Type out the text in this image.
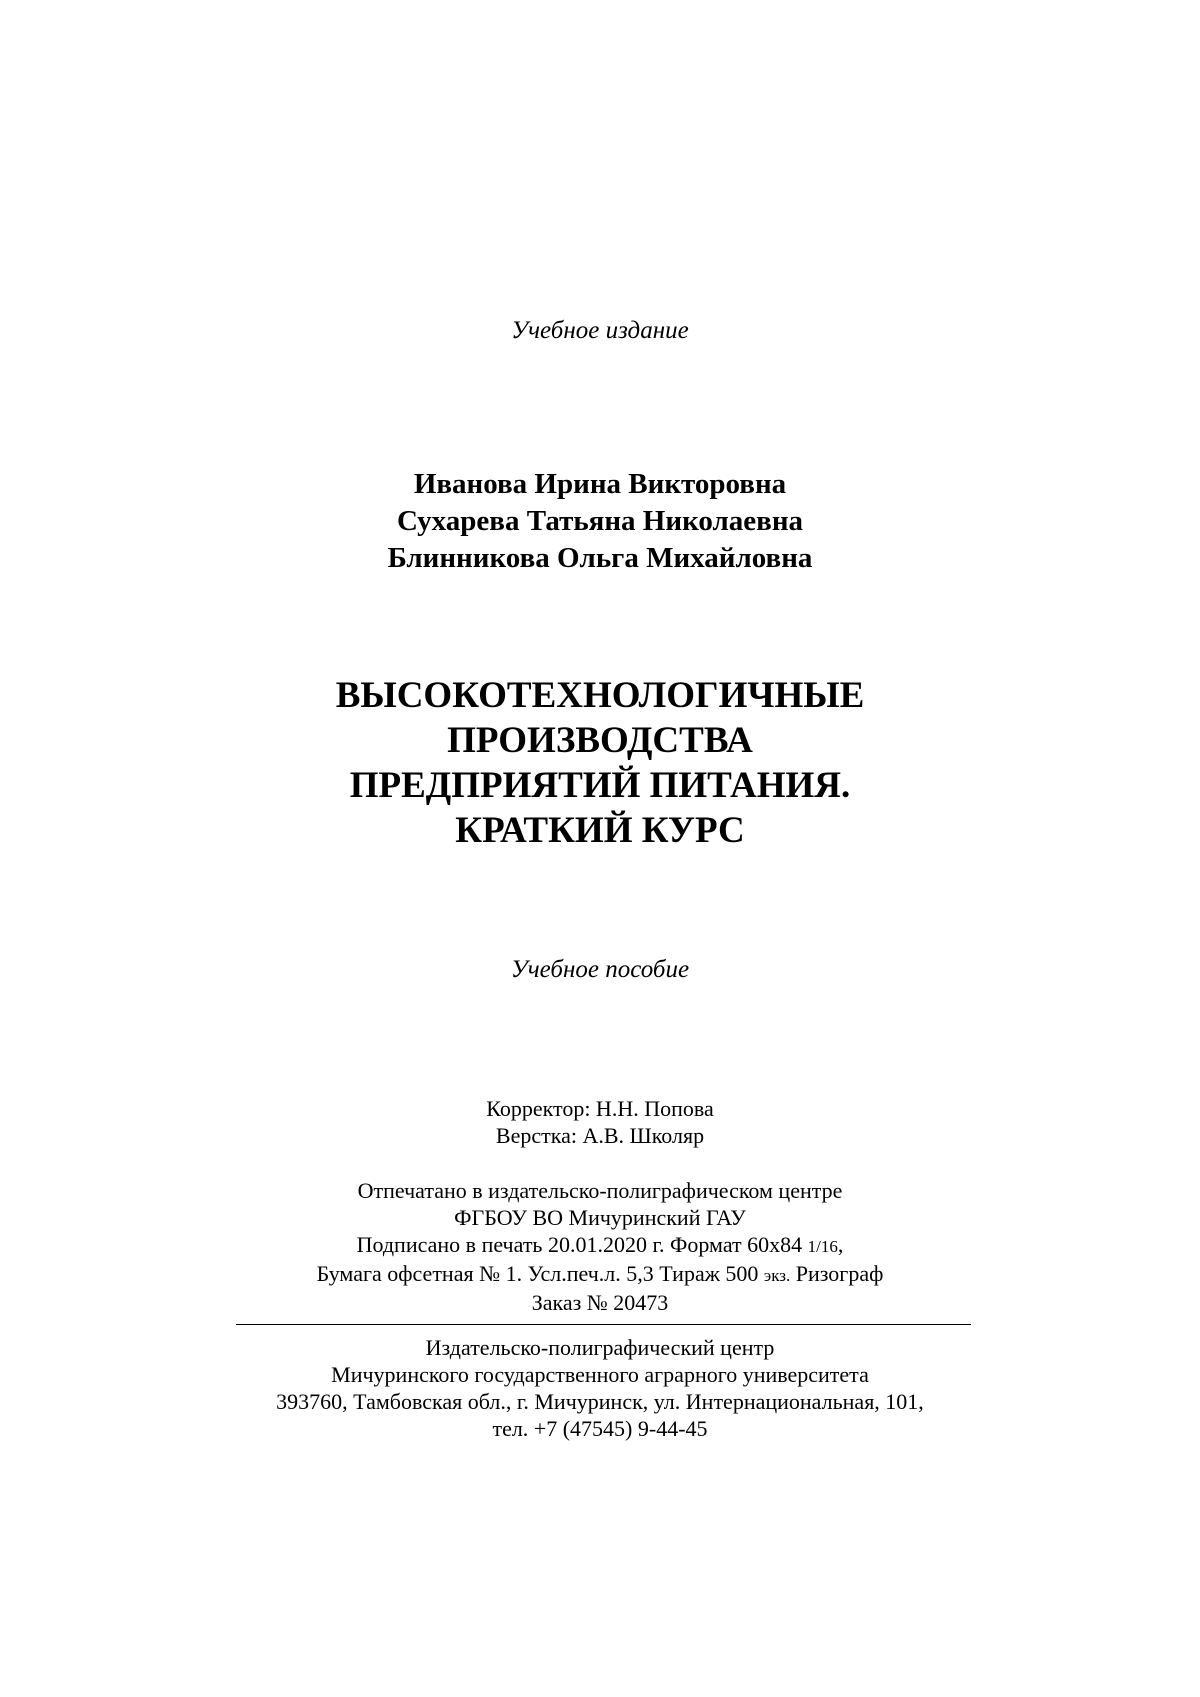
Учебное издание
Иванова Ирина Викторовна
Сухарева Татьяна Николаевна
Блинникова Ольга Михайловна
ВЫСОКОТЕХНОЛОГИЧНЫЕ
ПРОИЗВОДСТВА
ПРЕДПРИЯТИЙ ПИТАНИЯ.
КРАТКИЙ КУРС
Учебное пособие
Корректор: Н.Н. Попова
Верстка: А.В. Школяр
Отпечатано в издательско-полиграфическом центре
ФГБОУ ВО Мичуринский ГАУ
Подписано в печать 20.01.2020 г. Формат 60х84 1/16,
Бумага офсетная № 1. Усл.печ.л. 5,3 Тираж 500 экз. Ризограф
Заказ № 20473
Издательско-полиграфический центр
Мичуринского государственного аграрного университета
393760, Тамбовская обл., г. Мичуринск, ул. Интернациональная, 101,
тел. +7 (47545) 9-44-45
